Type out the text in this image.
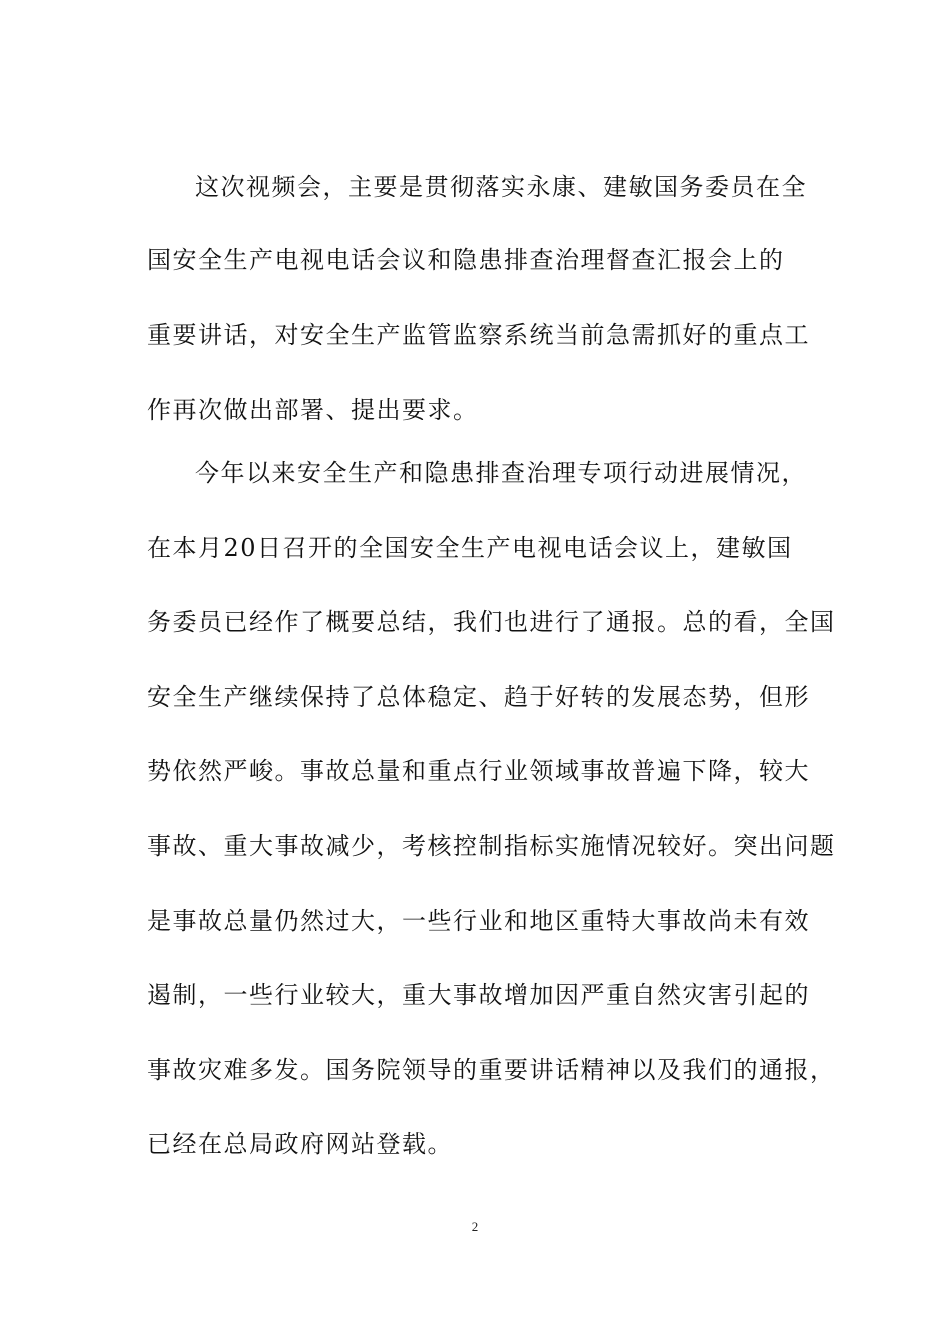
这次视频会，主要是贯彻落实永康、建敏国务委员在全
国安全生产电视电话会议和隐患排查治理督查汇报会上的
重要讲话，对安全生产监管监察系统当前急需抓好的重点工
作再次做出部署、提出要求。
今年以来安全生产和隐患排查治理专项行动进展情况，
在本月20日召开的全国安全生产电视电话会议上，建敏国
务委员已经作了概要总结，我们也进行了通报。总的看，全国
安全生产继续保持了总体稳定、趋于好转的发展态势，但形
势依然严峻。事故总量和重点行业领域事故普遍下降，较大
事故、重大事故减少，考核控制指标实施情况较好。突出问题
是事故总量仍然过大，一些行业和地区重特大事故尚未有效
遏制，一些行业较大，重大事故增加因严重自然灾害引起的
事故灾难多发。国务院领导的重要讲话精神以及我们的通报，
已经在总局政府网站登载。
2
